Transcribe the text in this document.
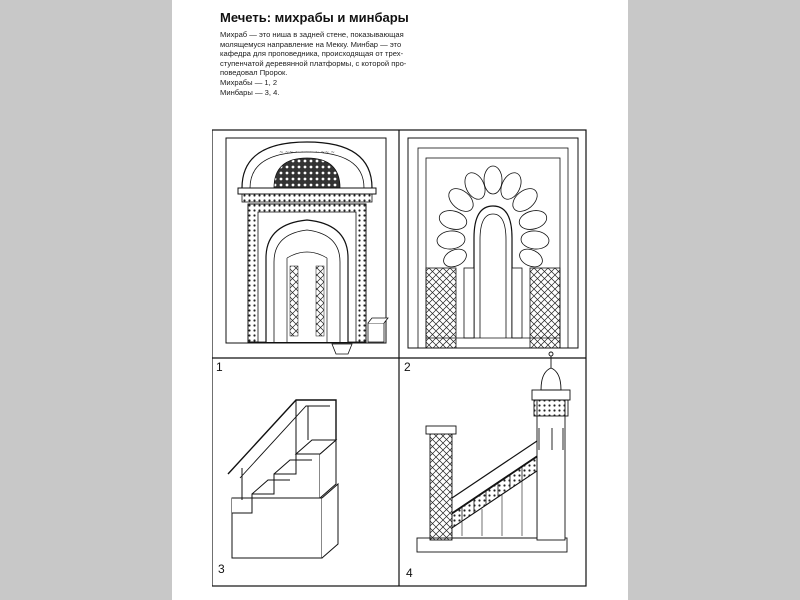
Мечеть: михрабы и минбары

Михраб — это ниша в задней стене, показывающая

молящемуся направление на Мекку. Минбар — это

кафедра для проповедника, происходящая от трех-

ступенчатой деревянной платформы, с которой про-

поведовал Пророк.

Михрабы — 1, 2

Минбары — 3, 4.

~ ~~ ~ ~~~ ~ ~~ ~
1	2
3	4
